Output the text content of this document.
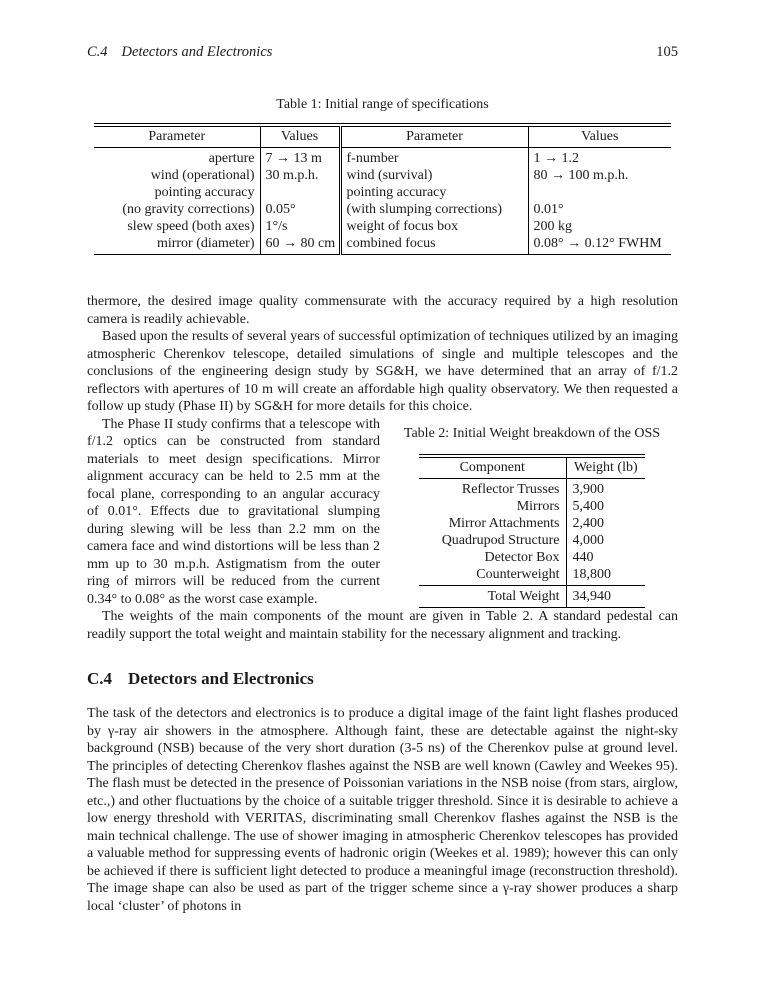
C.4 Detectors and Electronics	105
Table 1: Initial range of specifications
Parameter	Values	Parameter	Values
aperture	7 → 13 m	f-number	1 → 1.2
wind (operational)	30 m.p.h.	wind (survival)	80 → 100 m.p.h.
pointing accuracy		pointing accuracy	
(no gravity corrections)	0.05°	(with slumping corrections)	0.01°
slew speed (both axes)	1°/s	weight of focus box	200 kg
mirror (diameter)	60 → 80 cm	combined focus	0.08° → 0.12° FWHM

thermore, the desired image quality commensurate with the accuracy required by a high resolution camera is readily achievable.

Based upon the results of several years of successful optimization of techniques utilized by an imaging atmospheric Cherenkov telescope, detailed simulations of single and multiple telescopes and the conclusions of the engineering design study by SG&H, we have determined that an array of f/1.2 reflectors with apertures of 10 m will create an affordable high quality observatory. We then requested a follow up study (Phase II) by SG&H for more details for this choice.

The Phase II study confirms that a telescope with f/1.2 optics can be constructed from standard materials to meet design specifications. Mirror alignment accuracy can be held to 2.5 mm at the focal plane, corresponding to an angular accuracy of 0.01°. Effects due to gravitational slumping during slewing will be less than 2.2 mm on the camera face and wind distortions will be less than 2 mm up to 30 m.p.h. Astigmatism from the outer ring of mirrors will be reduced from the current 0.34° to 0.08° as the worst case example.

Table 2: Initial Weight breakdown of the OSS
Component	Weight (lb)
Reflector Trusses	3,900
Mirrors	5,400
Mirror Attachments	2,400
Quadrupod Structure	4,000
Detector Box	440
Counterweight	18,800
Total Weight	34,940

The weights of the main components of the mount are given in Table 2. A standard pedestal can readily support the total weight and maintain stability for the necessary alignment and tracking.

C.4 Detectors and Electronics

The task of the detectors and electronics is to produce a digital image of the faint light flashes produced by γ-ray air showers in the atmosphere. Although faint, these are detectable against the night-sky background (NSB) because of the very short duration (3-5 ns) of the Cherenkov pulse at ground level. The principles of detecting Cherenkov flashes against the NSB are well known (Cawley and Weekes 95). The flash must be detected in the presence of Poissonian variations in the NSB noise (from stars, airglow, etc.,) and other fluctuations by the choice of a suitable trigger threshold. Since it is desirable to achieve a low energy threshold with VERITAS, discriminating small Cherenkov flashes against the NSB is the main technical challenge. The use of shower imaging in atmospheric Cherenkov telescopes has provided a valuable method for suppressing events of hadronic origin (Weekes et al. 1989); however this can only be achieved if there is sufficient light detected to produce a meaningful image (reconstruction threshold). The image shape can also be used as part of the trigger scheme since a γ-ray shower produces a sharp local ‘cluster’ of photons in
